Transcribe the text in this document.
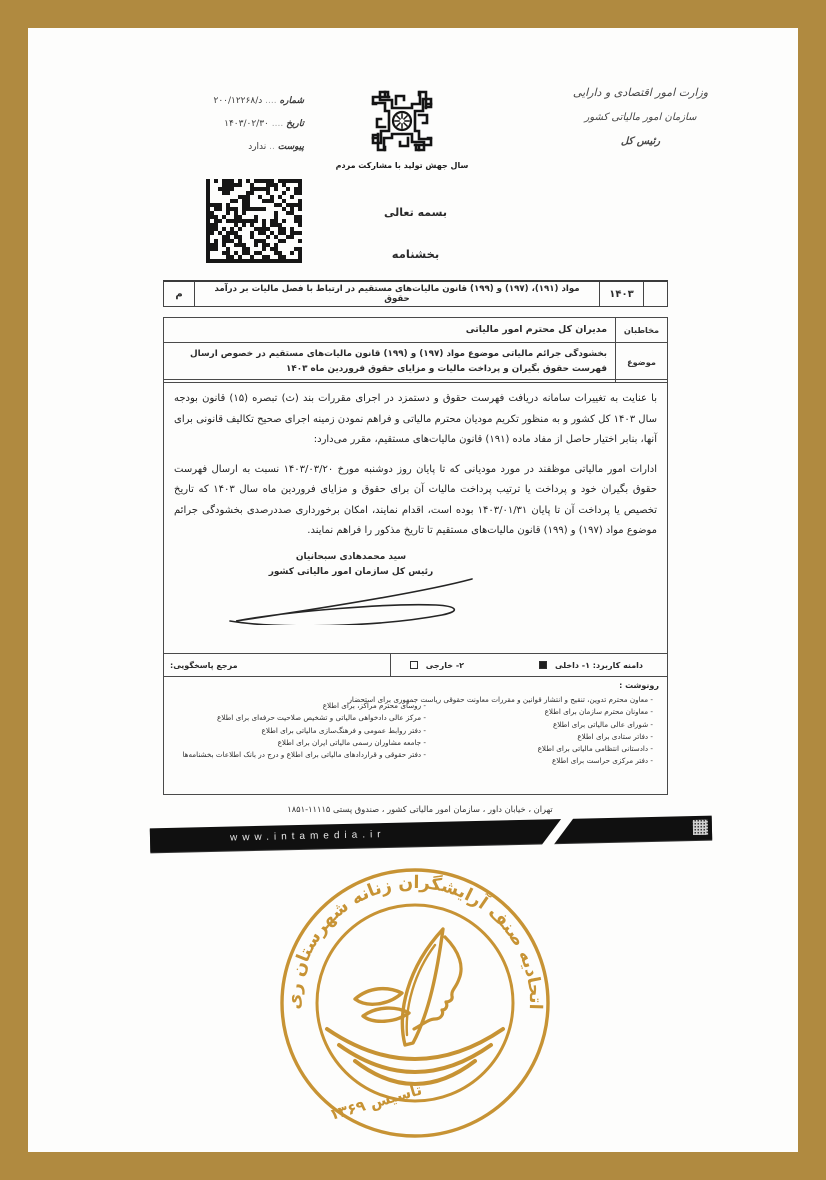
شماره .... د/۲۰۰/۱۲۲۶۸
تاریخ .... ۱۴۰۳/۰۲/۳۰
پیوست .. ندارد
وزارت امور اقتصادی و دارایی
سازمان امور مالیاتی کشور
رئیس کل
سال جهش تولید با مشارکت مردم
بسمه تعالی
بخشنامه
۱۴۰۳
مواد (۱۹۱)، (۱۹۷) و (۱۹۹) قانون مالیات‌های مستقیم در ارتباط با فصل مالیات بر درآمد حقوق
م
مخاطبان
مدیران کل محترم امور مالیاتی
موضوع
بخشودگی جرائم مالیاتی موضوع مواد (۱۹۷) و (۱۹۹) قانون مالیات‌های مستقیم در خصوص ارسال فهرست حقوق بگیران و پرداخت مالیات و مزایای حقوق فروردین ماه ۱۴۰۳

با عنایت به تغییرات سامانه دریافت فهرست حقوق و دستمزد در اجرای مقررات بند (ث) تبصره (۱۵) قانون بودجه سال ۱۴۰۳ کل کشور و به منظور تکریم مودیان محترم مالیاتی و فراهم نمودن زمینه اجرای صحیح تکالیف قانونی برای آنها، بنابر اختیار حاصل از مفاد ماده (۱۹۱) قانون مالیات‌های مستقیم، مقرر می‌دارد:

ادارات امور مالیاتی موظفند در مورد مودیانی که تا پایان روز دوشنبه مورخ ۱۴۰۳/۰۳/۲۰ نسبت به ارسال فهرست حقوق بگیران خود و پرداخت یا ترتیب پرداخت مالیات آن برای حقوق و مزایای فروردین ماه سال ۱۴۰۳ که تاریخ تخصیص یا پرداخت آن تا پایان ۱۴۰۳/۰۱/۳۱ بوده است، اقدام نمایند، امکان برخورداری صددرصدی بخشودگی جرائم موضوع مواد (۱۹۷) و (۱۹۹) قانون مالیات‌های مستقیم تا تاریخ مذکور را فراهم نمایند.

سید محمدهادی سبحانیان
رئیس کل سازمان امور مالیاتی کشور
دامنه کاربرد: ۱- داخلی
۲- خارجی
مرجع پاسخگویی:
رونوشت :
- معاون محترم تدوین، تنقیح و انتشار قوانین و مقررات معاونت حقوقی ریاست جمهوری برای استحضار
- معاونان محترم سازمان برای اطلاع
- شورای عالی مالیاتی برای اطلاع
- دفاتر ستادی برای اطلاع
- دادستانی انتظامی مالیاتی برای اطلاع
- دفتر مرکزی حراست برای اطلاع
- روسای محترم مراکز، برای اطلاع
- مرکز عالی دادخواهی مالیاتی و تشخیص صلاحیت حرفه‌ای برای اطلاع
- دفتر روابط عمومی و فرهنگ‌سازی مالیاتی برای اطلاع
- جامعه مشاوران رسمی مالیاتی ایران برای اطلاع
- دفتر حقوقی و قراردادهای مالیاتی برای اطلاع و درج در بانک اطلاعات بخشنامه‌ها
تهران ، خیابان داور ، سازمان امور مالیاتی کشور ، صندوق پستی ۱۱۱۱۵-۱۸۵۱
www.intamedia.ir
اتحادیه صنف آرایشگران زنانه شهرستان ری
تاسیس ۱۳۶۹
